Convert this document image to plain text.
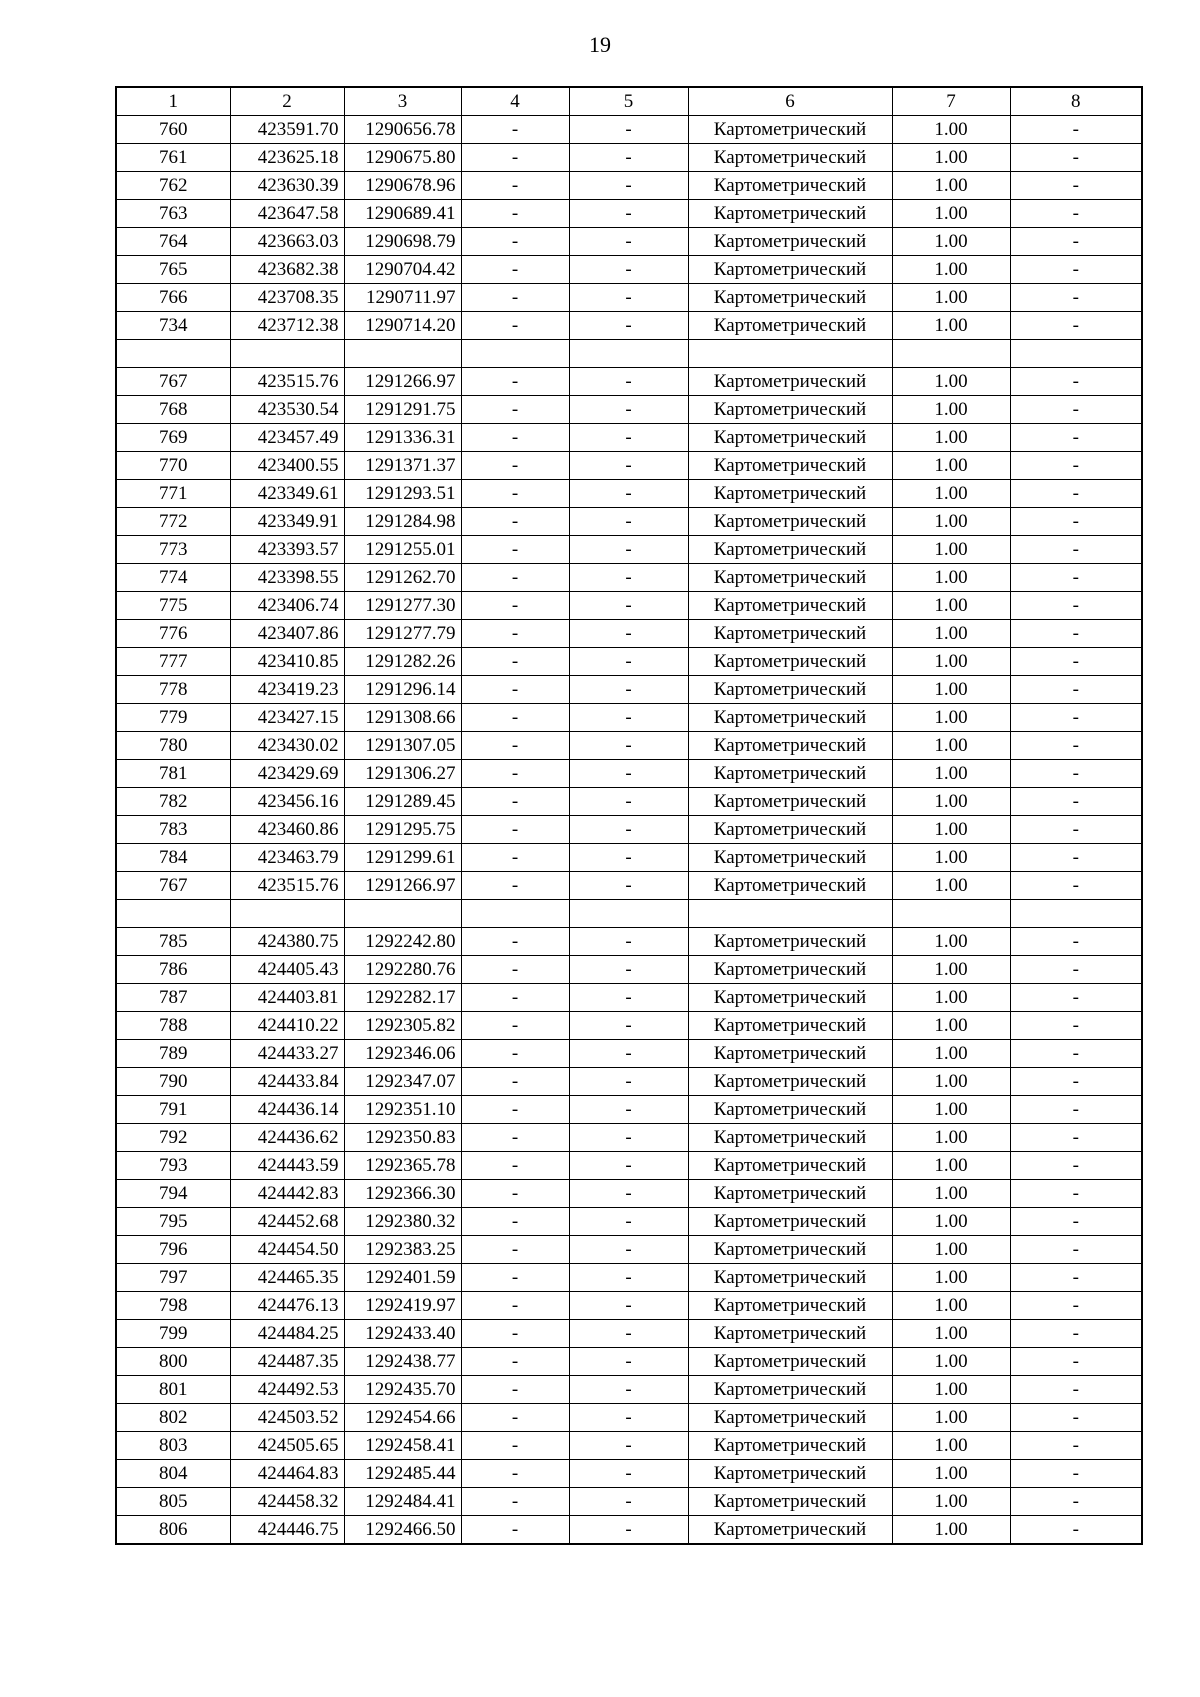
19
1	2	3	4	5	6	7	8
760	423591.70	1290656.78	-	-	Картометрический	1.00	-
761	423625.18	1290675.80	-	-	Картометрический	1.00	-
762	423630.39	1290678.96	-	-	Картометрический	1.00	-
763	423647.58	1290689.41	-	-	Картометрический	1.00	-
764	423663.03	1290698.79	-	-	Картометрический	1.00	-
765	423682.38	1290704.42	-	-	Картометрический	1.00	-
766	423708.35	1290711.97	-	-	Картометрический	1.00	-
734	423712.38	1290714.20	-	-	Картометрический	1.00	-

767	423515.76	1291266.97	-	-	Картометрический	1.00	-
768	423530.54	1291291.75	-	-	Картометрический	1.00	-
769	423457.49	1291336.31	-	-	Картометрический	1.00	-
770	423400.55	1291371.37	-	-	Картометрический	1.00	-
771	423349.61	1291293.51	-	-	Картометрический	1.00	-
772	423349.91	1291284.98	-	-	Картометрический	1.00	-
773	423393.57	1291255.01	-	-	Картометрический	1.00	-
774	423398.55	1291262.70	-	-	Картометрический	1.00	-
775	423406.74	1291277.30	-	-	Картометрический	1.00	-
776	423407.86	1291277.79	-	-	Картометрический	1.00	-
777	423410.85	1291282.26	-	-	Картометрический	1.00	-
778	423419.23	1291296.14	-	-	Картометрический	1.00	-
779	423427.15	1291308.66	-	-	Картометрический	1.00	-
780	423430.02	1291307.05	-	-	Картометрический	1.00	-
781	423429.69	1291306.27	-	-	Картометрический	1.00	-
782	423456.16	1291289.45	-	-	Картометрический	1.00	-
783	423460.86	1291295.75	-	-	Картометрический	1.00	-
784	423463.79	1291299.61	-	-	Картометрический	1.00	-
767	423515.76	1291266.97	-	-	Картометрический	1.00	-

785	424380.75	1292242.80	-	-	Картометрический	1.00	-
786	424405.43	1292280.76	-	-	Картометрический	1.00	-
787	424403.81	1292282.17	-	-	Картометрический	1.00	-
788	424410.22	1292305.82	-	-	Картометрический	1.00	-
789	424433.27	1292346.06	-	-	Картометрический	1.00	-
790	424433.84	1292347.07	-	-	Картометрический	1.00	-
791	424436.14	1292351.10	-	-	Картометрический	1.00	-
792	424436.62	1292350.83	-	-	Картометрический	1.00	-
793	424443.59	1292365.78	-	-	Картометрический	1.00	-
794	424442.83	1292366.30	-	-	Картометрический	1.00	-
795	424452.68	1292380.32	-	-	Картометрический	1.00	-
796	424454.50	1292383.25	-	-	Картометрический	1.00	-
797	424465.35	1292401.59	-	-	Картометрический	1.00	-
798	424476.13	1292419.97	-	-	Картометрический	1.00	-
799	424484.25	1292433.40	-	-	Картометрический	1.00	-
800	424487.35	1292438.77	-	-	Картометрический	1.00	-
801	424492.53	1292435.70	-	-	Картометрический	1.00	-
802	424503.52	1292454.66	-	-	Картометрический	1.00	-
803	424505.65	1292458.41	-	-	Картометрический	1.00	-
804	424464.83	1292485.44	-	-	Картометрический	1.00	-
805	424458.32	1292484.41	-	-	Картометрический	1.00	-
806	424446.75	1292466.50	-	-	Картометрический	1.00	-
